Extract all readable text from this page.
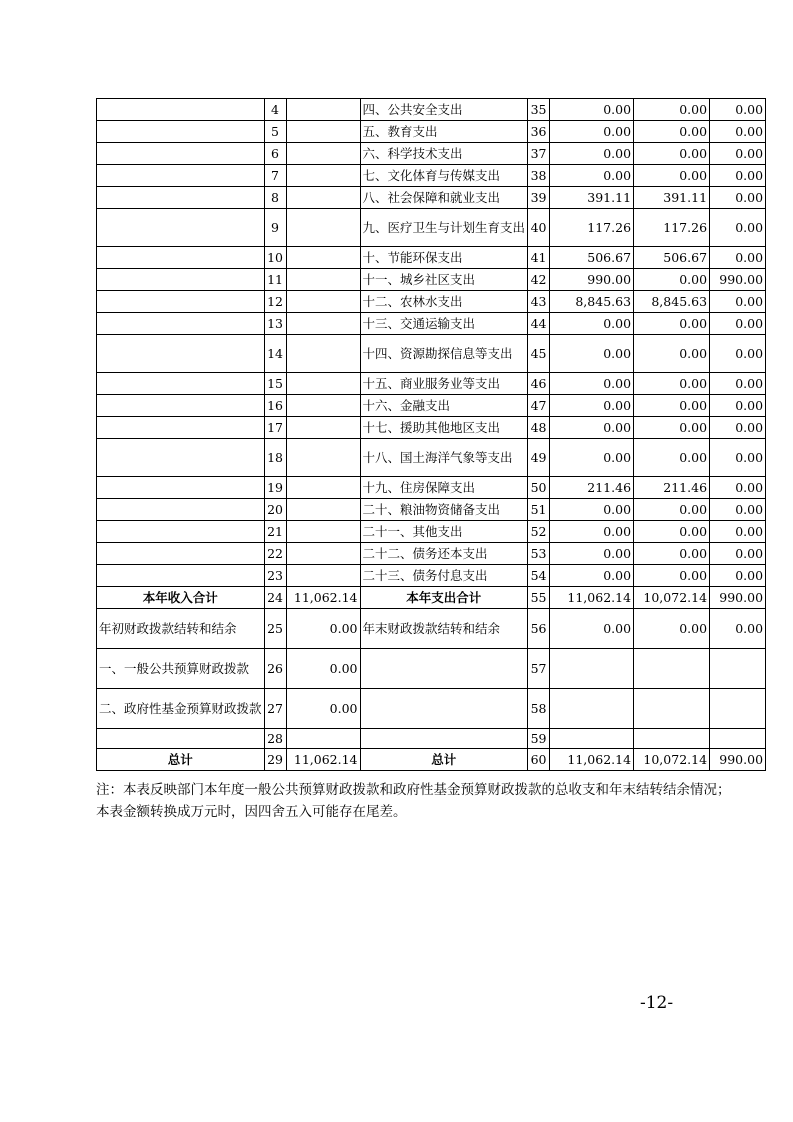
	4		四、公共安全支出	35	0.00	0.00	0.00
	5		五、教育支出	36	0.00	0.00	0.00
	6		六、科学技术支出	37	0.00	0.00	0.00
	7		七、文化体育与传媒支出	38	0.00	0.00	0.00
	8		八、社会保障和就业支出	39	391.11	391.11	0.00
	9		九、医疗卫生与计划生育支出	40	117.26	117.26	0.00
	10		十、节能环保支出	41	506.67	506.67	0.00
	11		十一、城乡社区支出	42	990.00	0.00	990.00
	12		十二、农林水支出	43	8,845.63	8,845.63	0.00
	13		十三、交通运输支出	44	0.00	0.00	0.00
	14		十四、资源勘探信息等支出	45	0.00	0.00	0.00
	15		十五、商业服务业等支出	46	0.00	0.00	0.00
	16		十六、金融支出	47	0.00	0.00	0.00
	17		十七、援助其他地区支出	48	0.00	0.00	0.00
	18		十八、国土海洋气象等支出	49	0.00	0.00	0.00
	19		十九、住房保障支出	50	211.46	211.46	0.00
	20		二十、粮油物资储备支出	51	0.00	0.00	0.00
	21		二十一、其他支出	52	0.00	0.00	0.00
	22		二十二、债务还本支出	53	0.00	0.00	0.00
	23		二十三、债务付息支出	54	0.00	0.00	0.00
本年收入合计	24	11,062.14	本年支出合计	55	11,062.14	10,072.14	990.00
年初财政拨款结转和结余	25	0.00	年末财政拨款结转和结余	56	0.00	0.00	0.00
一、一般公共预算财政拨款	26	0.00		57			
二、政府性基金预算财政拨款	27	0.00		58			
	28			59			
总计	29	11,062.14	总计	60	11,062.14	10,072.14	990.00
注：本表反映部门本年度一般公共预算财政拨款和政府性基金预算财政拨款的总收支和年末结转结余情况；本表金额转换成万元时，因四舍五入可能存在尾差。
-12-
